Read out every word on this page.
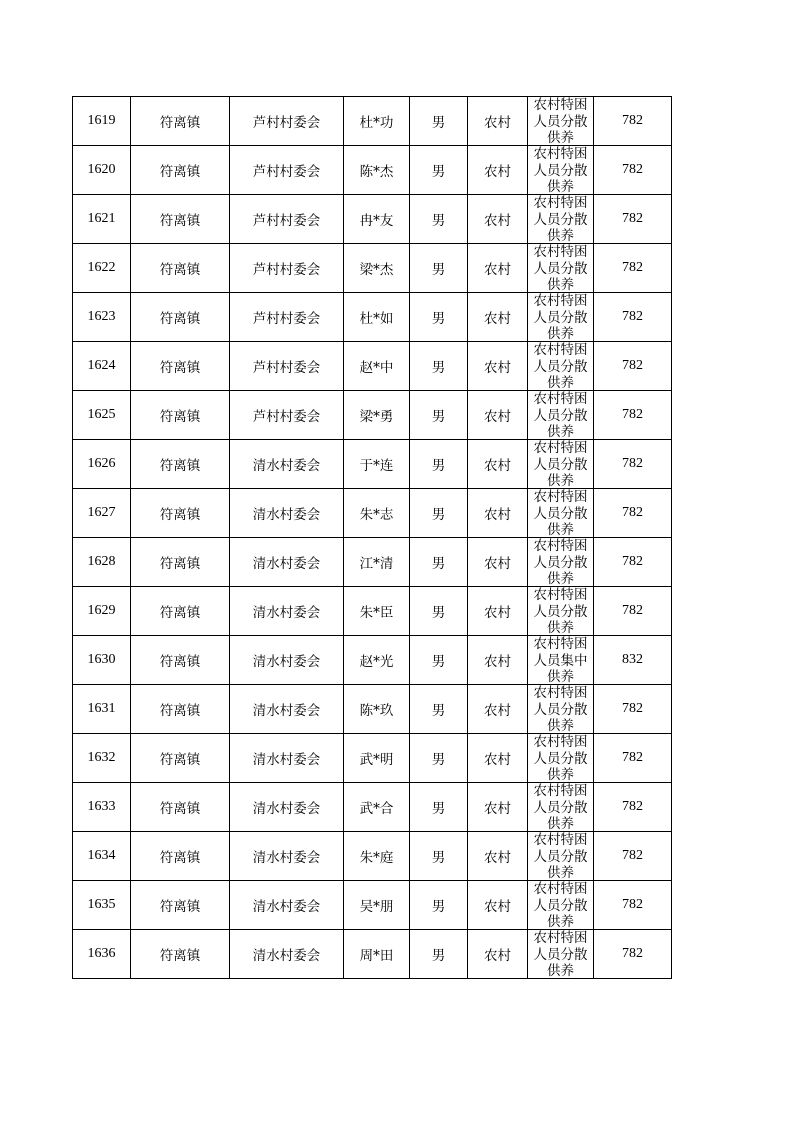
1619	符离镇	芦村村委会	杜*功	男	农村	农村特困人员分散供养	782
1620	符离镇	芦村村委会	陈*杰	男	农村	农村特困人员分散供养	782
1621	符离镇	芦村村委会	冉*友	男	农村	农村特困人员分散供养	782
1622	符离镇	芦村村委会	梁*杰	男	农村	农村特困人员分散供养	782
1623	符离镇	芦村村委会	杜*如	男	农村	农村特困人员分散供养	782
1624	符离镇	芦村村委会	赵*中	男	农村	农村特困人员分散供养	782
1625	符离镇	芦村村委会	梁*勇	男	农村	农村特困人员分散供养	782
1626	符离镇	清水村委会	于*连	男	农村	农村特困人员分散供养	782
1627	符离镇	清水村委会	朱*志	男	农村	农村特困人员分散供养	782
1628	符离镇	清水村委会	江*清	男	农村	农村特困人员分散供养	782
1629	符离镇	清水村委会	朱*臣	男	农村	农村特困人员分散供养	782
1630	符离镇	清水村委会	赵*光	男	农村	农村特困人员集中供养	832
1631	符离镇	清水村委会	陈*玖	男	农村	农村特困人员分散供养	782
1632	符离镇	清水村委会	武*明	男	农村	农村特困人员分散供养	782
1633	符离镇	清水村委会	武*合	男	农村	农村特困人员分散供养	782
1634	符离镇	清水村委会	朱*庭	男	农村	农村特困人员分散供养	782
1635	符离镇	清水村委会	吴*朋	男	农村	农村特困人员分散供养	782
1636	符离镇	清水村委会	周*田	男	农村	农村特困人员分散供养	782
